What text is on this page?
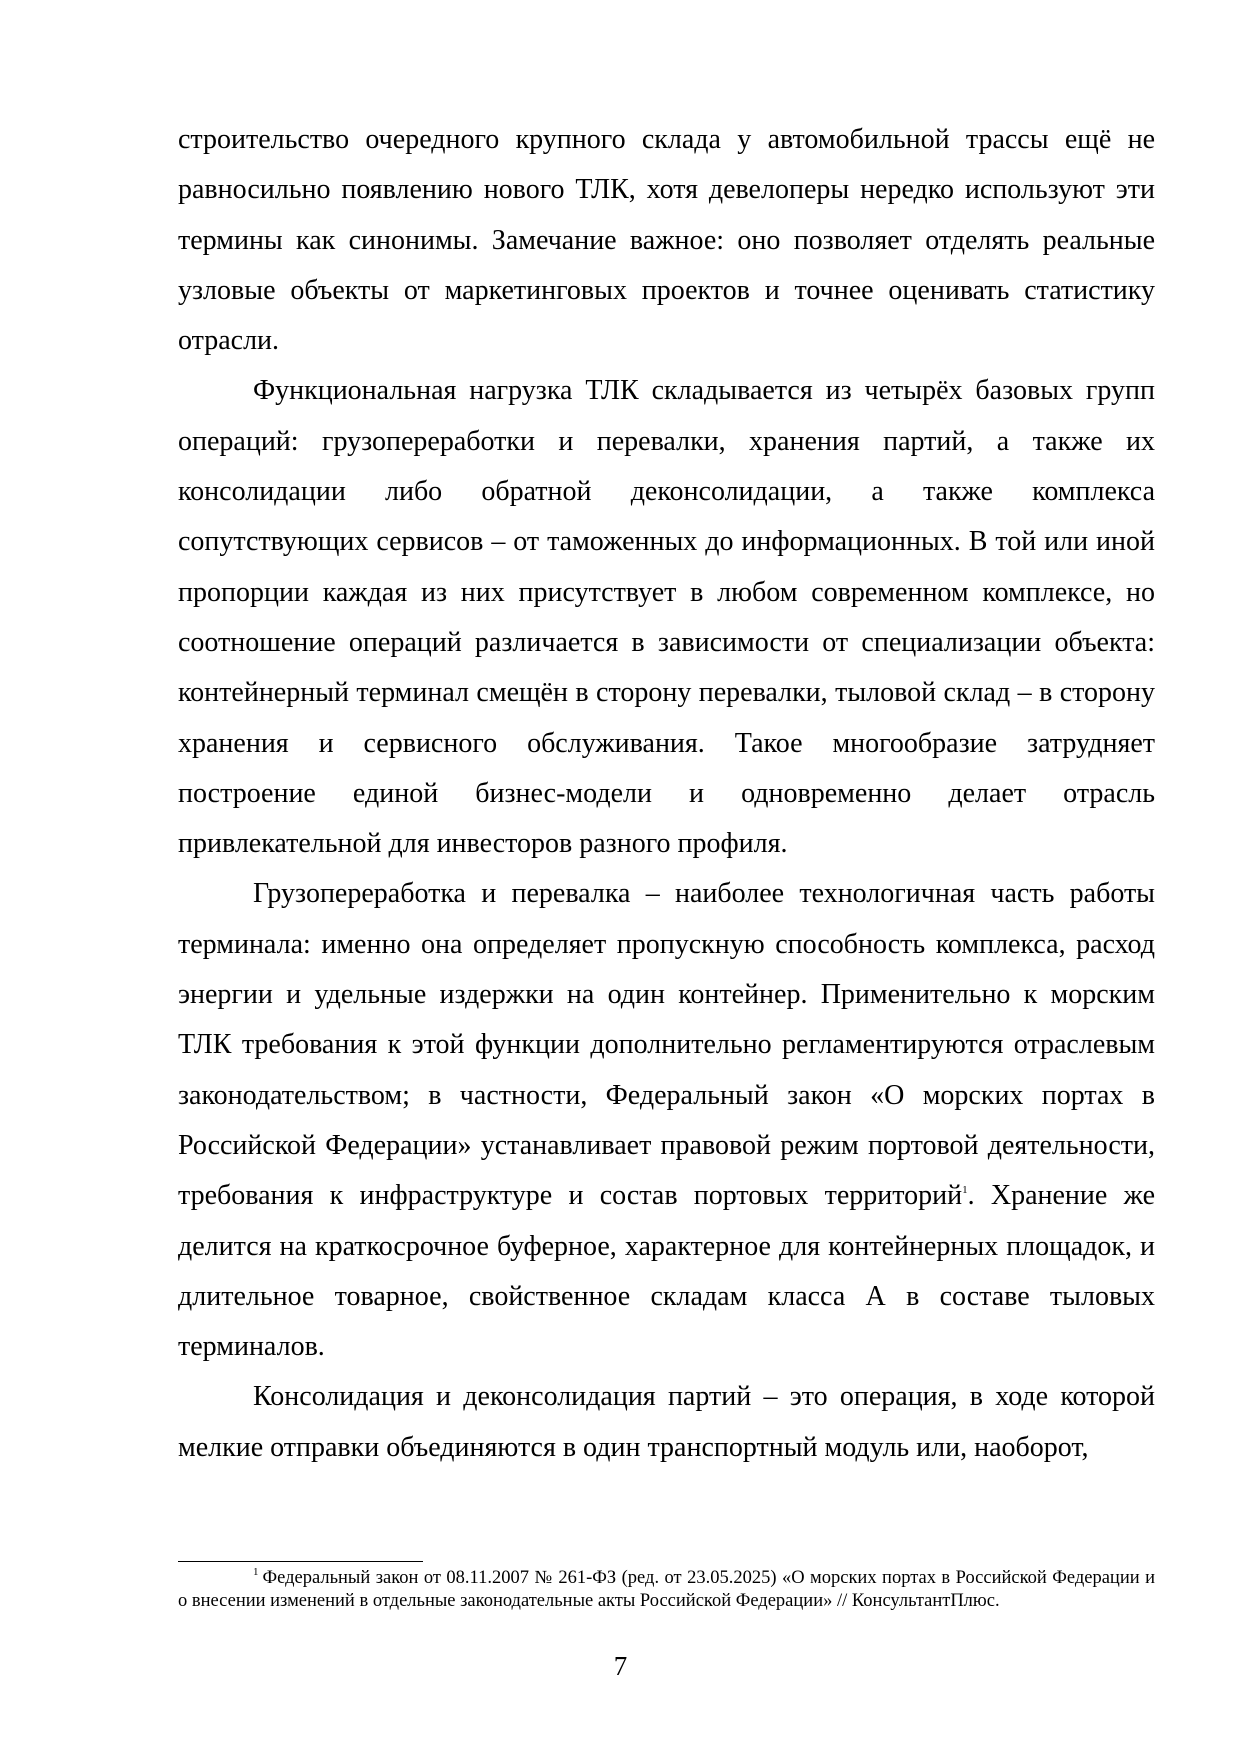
строительство очередного крупного склада у автомобильной трассы ещё не равносильно появлению нового ТЛК, хотя девелоперы нередко используют эти термины как синонимы. Замечание важное: оно позволяет отделять реальные узловые объекты от маркетинговых проектов и точнее оценивать статистику отрасли.

Функциональная нагрузка ТЛК складывается из четырёх базовых групп операций: грузопереработки и перевалки, хранения партий, а также их консолидации либо обратной деконсолидации, а также комплекса сопутствующих сервисов – от таможенных до информационных. В той или иной пропорции каждая из них присутствует в любом современном комплексе, но соотношение операций различается в зависимости от специализации объекта: контейнерный терминал смещён в сторону перевалки, тыловой склад – в сторону хранения и сервисного обслуживания. Такое многообразие затрудняет построение единой бизнес-модели и одновременно делает отрасль привлекательной для инвесторов разного профиля.

Грузопереработка и перевалка – наиболее технологичная часть работы терминала: именно она определяет пропускную способность комплекса, расход энергии и удельные издержки на один контейнер. Применительно к морским ТЛК требования к этой функции дополнительно регламентируются отраслевым законодательством; в частности, Федеральный закон «О морских портах в Российской Федерации» устанавливает правовой режим портовой деятельности, требования к инфраструктуре и состав портовых территорий$^1$. Хранение же делится на краткосрочное буферное, характерное для контейнерных площадок, и длительное товарное, свойственное складам класса А в составе тыловых терминалов.

Консолидация и деконсолидация партий – это операция, в ходе которой мелкие отправки объединяются в один транспортный модуль или, наоборот,

$^1$ Федеральный закон от 08.11.2007 № 261-ФЗ (ред. от 23.05.2025) «О морских портах в Российской Федерации и о внесении изменений в отдельные законодательные акты Российской Федерации» // КонсультантПлюс.

7
